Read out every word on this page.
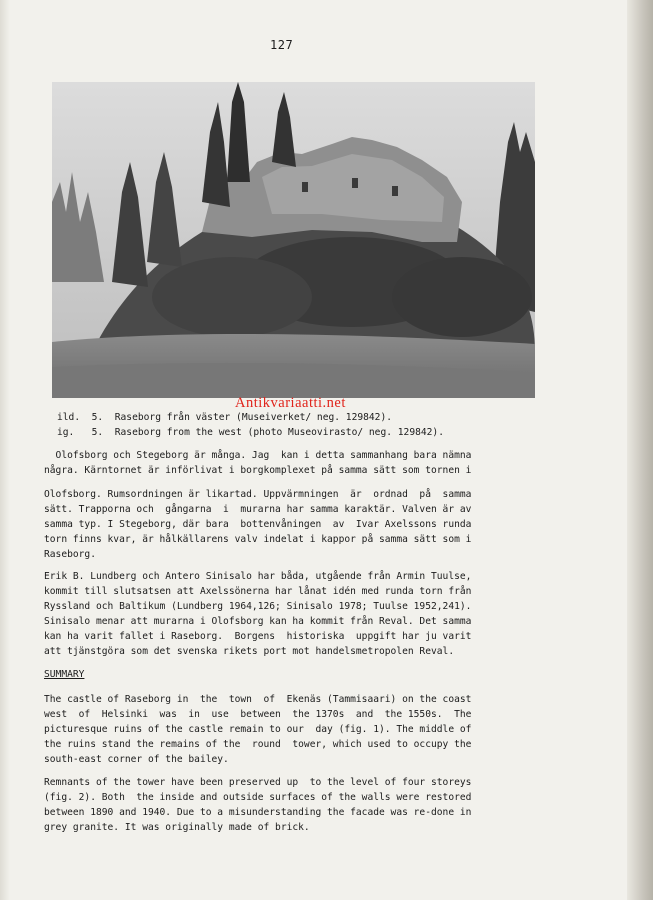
127
Antikvariaatti.net
ild.  5.  Raseborg från väster (Museiverket/ neg. 129842).
ig.   5.  Raseborg from the west (photo Museovirasto/ neg. 129842).
Olofsborg och Stegeborg är många. Jag  kan i detta sammanhang bara nämna
några. Kärntornet är införlivat i borgkomplexet på samma sätt som tornen i
Olofsborg. Rumsordningen är likartad. Uppvärmningen  är  ordnad  på  samma
sätt. Trapporna och  gångarna  i  murarna har samma karaktär. Valven är av
samma typ. I Stegeborg, där bara  bottenvåningen  av  Ivar Axelssons runda
torn finns kvar, är hålkällarens valv indelat i kappor på samma sätt som i
Raseborg.
Erik B. Lundberg och Antero Sinisalo har båda, utgående från Armin Tuulse,
kommit till slutsatsen att Axelssönerna har lånat idén med runda torn från
Ryssland och Baltikum (Lundberg 1964,126; Sinisalo 1978; Tuulse 1952,241).
Sinisalo menar att murarna i Olofsborg kan ha kommit från Reval. Det samma
kan ha varit fallet i Raseborg.  Borgens  historiska  uppgift har ju varit
att tjänstgöra som det svenska rikets port mot handelsmetropolen Reval.
SUMMARY
The castle of Raseborg in  the  town  of  Ekenäs (Tammisaari) on the coast
west  of  Helsinki  was  in  use  between  the 1370s  and  the 1550s.  The
picturesque ruins of the castle remain to our  day (fig. 1). The middle of
the ruins stand the remains of the  round  tower, which used to occupy the
south-east corner of the bailey.
Remnants of the tower have been preserved up  to the level of four storeys
(fig. 2). Both  the inside and outside surfaces of the walls were restored
between 1890 and 1940. Due to a misunderstanding the facade was re-done in
grey granite. It was originally made of brick.
